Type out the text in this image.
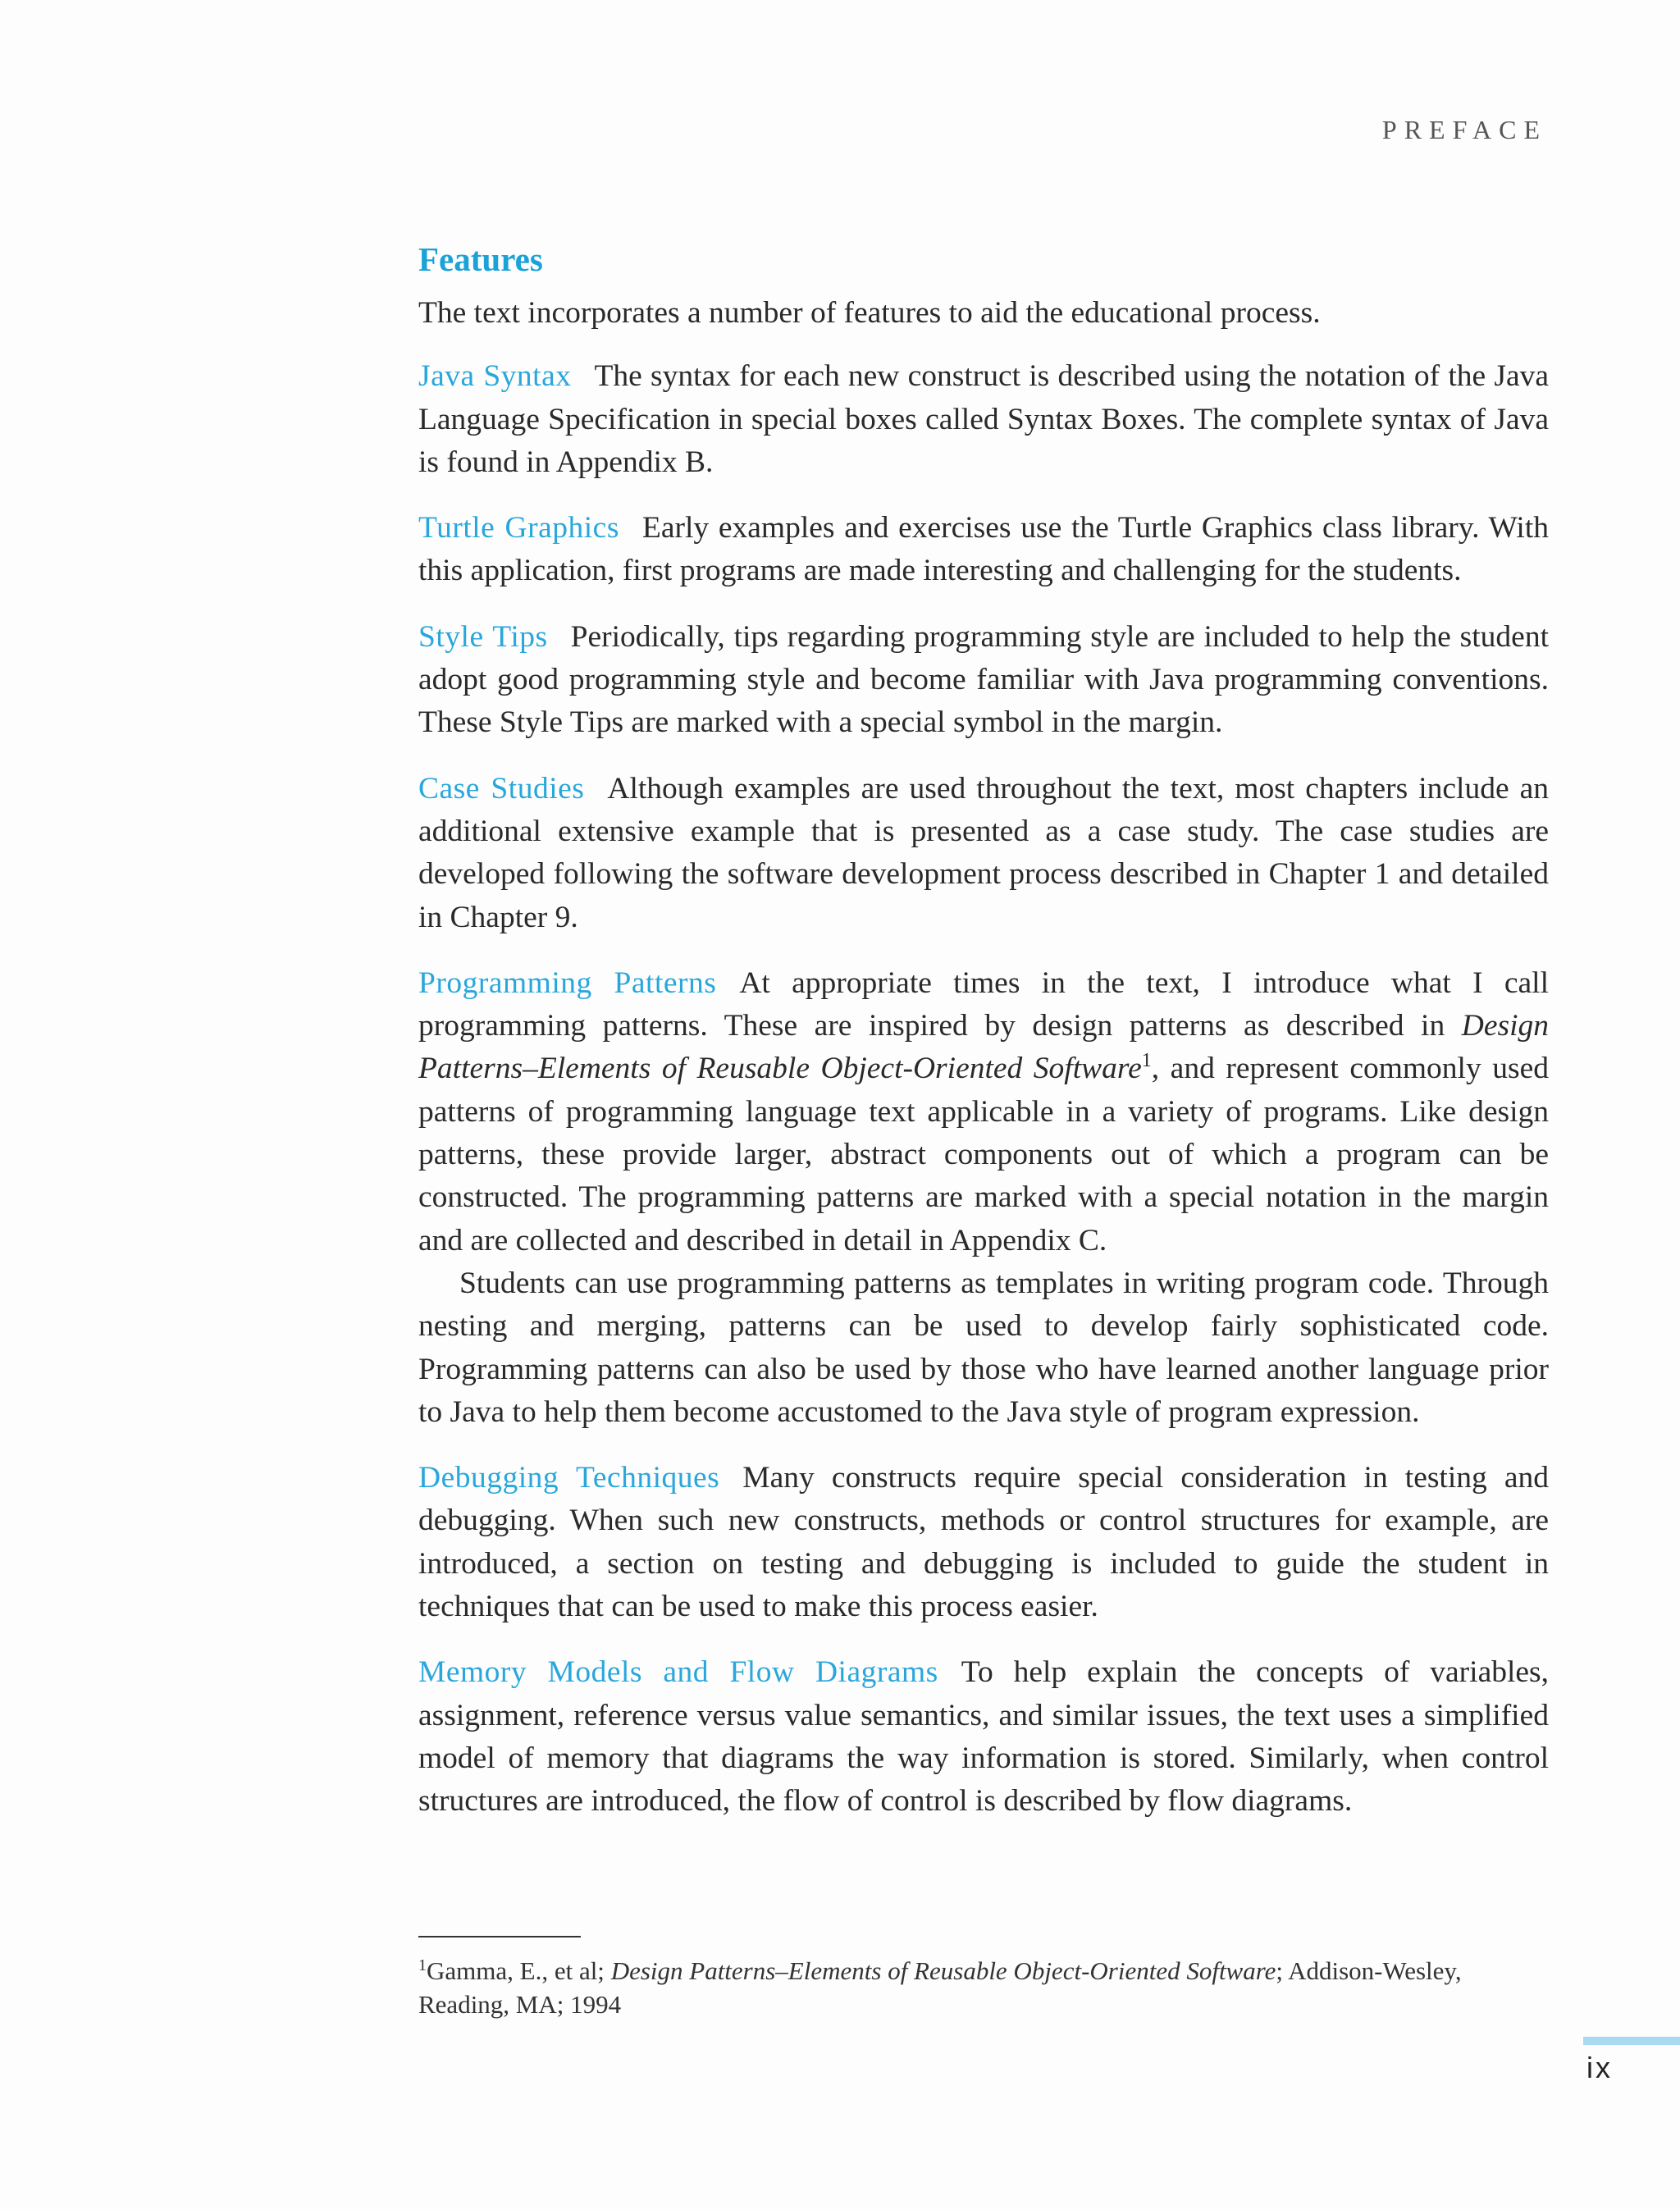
PREFACE
Features

The text incorporates a number of features to aid the educational process.

Java Syntax The syntax for each new construct is described using the notation of the Java Language Specification in special boxes called Syntax Boxes. The complete syntax of Java is found in Appendix B.

Turtle Graphics Early examples and exercises use the Turtle Graphics class library. With this application, first programs are made interesting and challenging for the students.

Style Tips Periodically, tips regarding programming style are included to help the student adopt good programming style and become familiar with Java programming conventions. These Style Tips are marked with a special symbol in the margin.

Case Studies Although examples are used throughout the text, most chapters include an additional extensive example that is presented as a case study. The case studies are developed following the software development process described in Chapter 1 and detailed in Chapter 9.

Programming Patterns At appropriate times in the text, I introduce what I call programming patterns. These are inspired by design patterns as described in Design Patterns–Elements of Reusable Object-Oriented Software$^1$, and represent commonly used patterns of programming language text applicable in a variety of programs. Like design patterns, these provide larger, abstract components out of which a program can be constructed. The programming patterns are marked with a special notation in the margin and are collected and described in detail in Appendix C.

Students can use programming patterns as templates in writing program code. Through nesting and merging, patterns can be used to develop fairly sophisticated code. Programming patterns can also be used by those who have learned another language prior to Java to help them become accustomed to the Java style of program expression.

Debugging Techniques Many constructs require special consideration in testing and debugging. When such new constructs, methods or control structures for example, are introduced, a section on testing and debugging is included to guide the student in techniques that can be used to make this process easier.

Memory Models and Flow Diagrams To help explain the concepts of variables, assignment, reference versus value semantics, and similar issues, the text uses a simplified model of memory that diagrams the way information is stored. Similarly, when control structures are introduced, the flow of control is described by flow diagrams.

$^1$Gamma, E., et al; Design Patterns–Elements of Reusable Object-Oriented Software; Addison-Wesley, Reading, MA; 1994
ix
